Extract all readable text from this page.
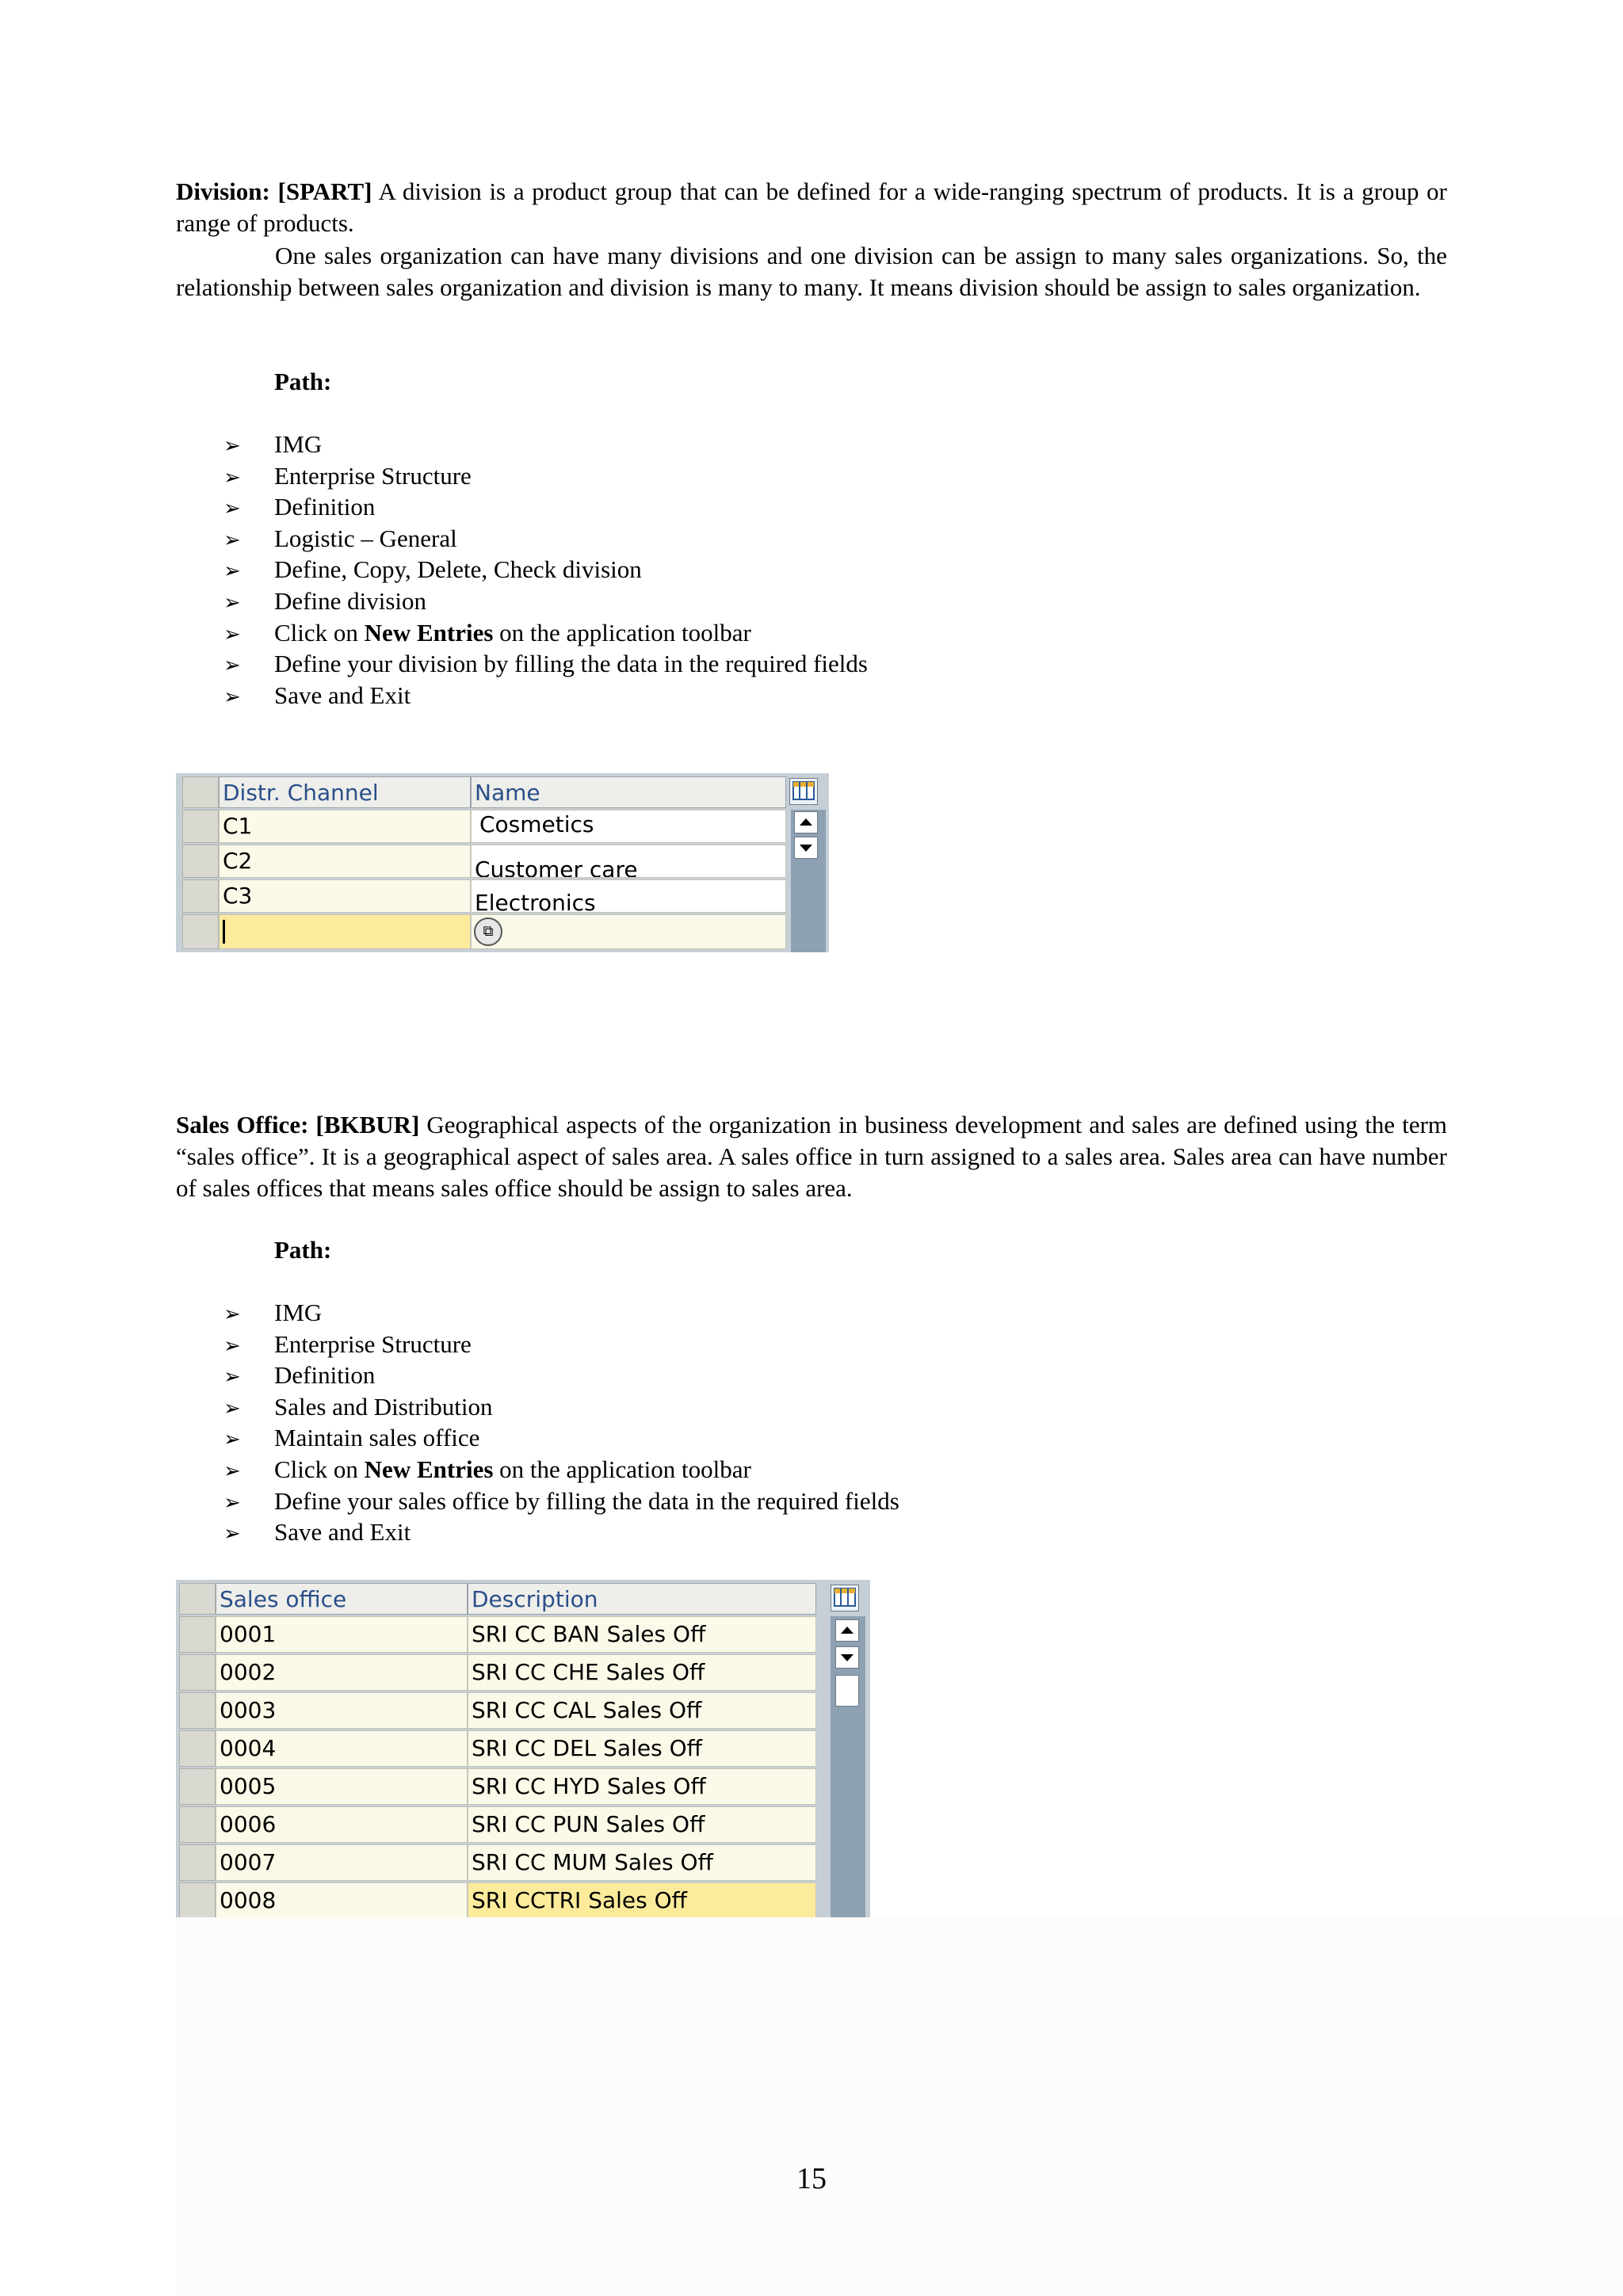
Division: [SPART] A division is a product group that can be defined for a wide-ranging spectrum of products. It is a group or range of products.

One sales organization can have many divisions and one division can be assign to many sales organizations. So, the relationship between sales organization and division is many to many. It means division should be assign to sales organization.

Path:
➢ IMG
➢ Enterprise Structure
➢ Definition
➢ Logistic – General
➢ Define, Copy, Delete, Check division
➢ Define division
➢ Click on New Entries on the application toolbar
➢ Define your division by filling the data in the required fields
➢ Save and Exit
Distr. Channel	Name
C1	Cosmetics
C2	Customer care
C3	Electronics
⧉

Sales Office: [BKBUR] Geographical aspects of the organization in business development and sales are defined using the term “sales office”. It is a geographical aspect of sales area. A sales office in turn assigned to a sales area. Sales area can have number of sales offices that means sales office should be assign to sales area.

Path:
➢ IMG
➢ Enterprise Structure
➢ Definition
➢ Sales and Distribution
➢ Maintain sales office
➢ Click on New Entries on the application toolbar
➢ Define your sales office by filling the data in the required fields
➢ Save and Exit
Sales office	Description
0001	SRI CC BAN Sales Off
0002	SRI CC CHE Sales Off
0003	SRI CC CAL Sales Off
0004	SRI CC DEL Sales Off
0005	SRI CC HYD Sales Off
0006	SRI CC PUN Sales Off
0007	SRI CC MUM Sales Off
0008	SRI CCTRI Sales Off
15
